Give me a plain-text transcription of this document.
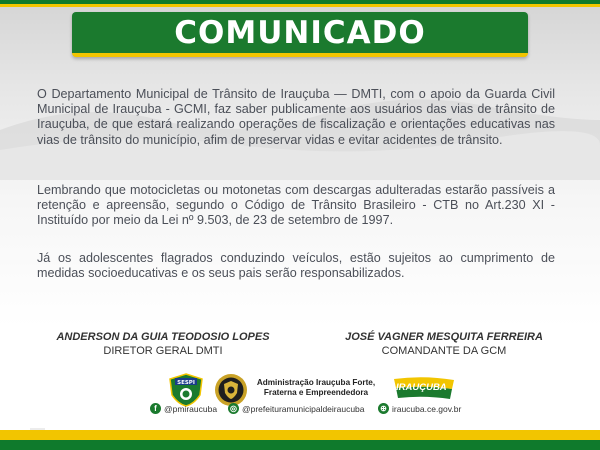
COMUNICADO

O Departamento Municipal de Trânsito de Irauçuba — DMTI, com o apoio da Guarda Civil Municipal de Irauçuba - GCMI, faz saber publicamente aos usuários das vias de trânsito de Irauçuba, de que estará realizando operações de fiscalização e orientações educativas nas vias de trânsito do município, afim de preservar vidas e evitar acidentes de trânsito.

Lembrando que motocicletas ou motonetas com descargas adulteradas estarão passíveis a retenção e apreensão, segundo o Código de Trânsito Brasileiro - CTB no Art.230 XI -Instituído por meio da Lei nº 9.503, de 23 de setembro de 1997.

Já os adolescentes flagrados conduzindo veículos, estão sujeitos ao cumprimento de medidas socioeducativas e os seus pais serão responsabilizados.

ANDERSON DA GUIA TEODOSIO LOPES
DIRETOR GERAL DMTI
JOSÉ VAGNER MESQUITA FERREIRA
COMANDANTE DA GCM
SESPI	Administração Irauçuba Forte,
Fraterna e Empreendedora	IRAUÇUBA
f @pmiraucuba ◎ @prefeituramunicipaldeiraucuba ⊕ iraucuba.ce.gov.br
